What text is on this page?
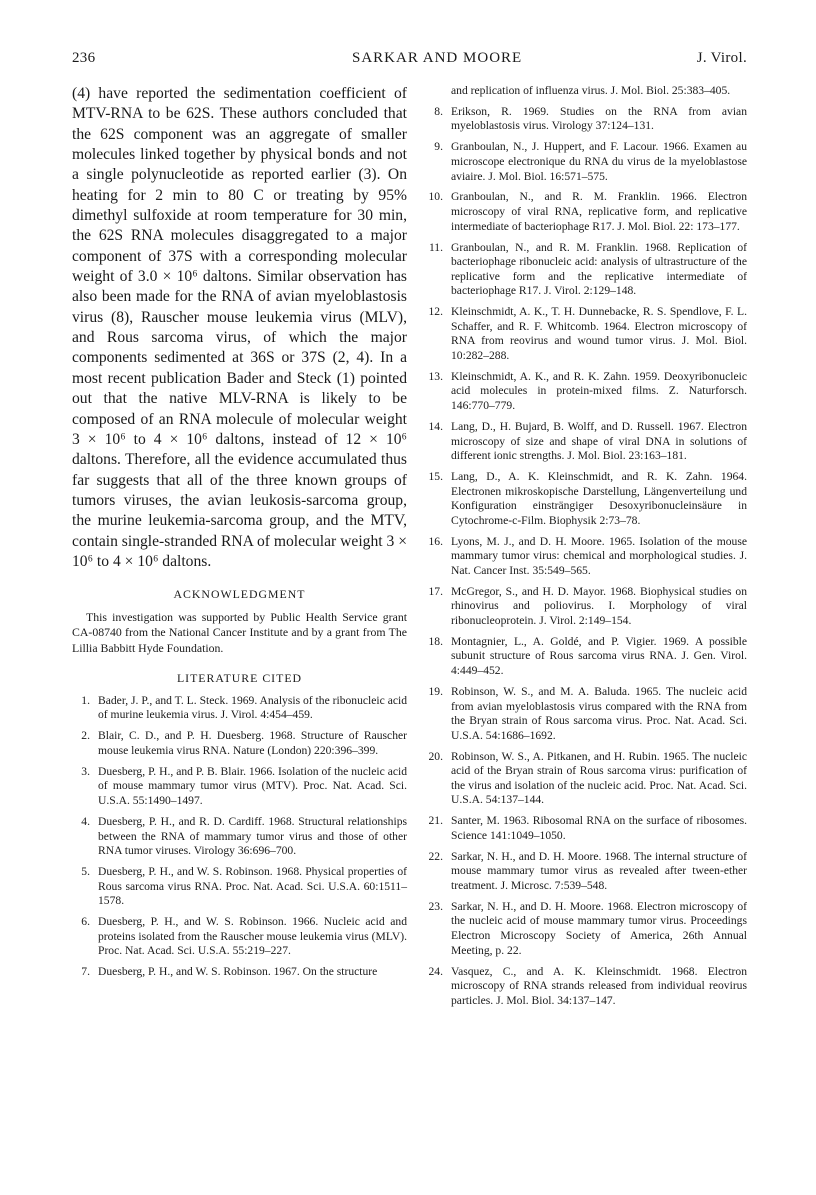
236	SARKAR AND MOORE	J. Virol.

(4) have reported the sedimentation coefficient of MTV-RNA to be 62S. These authors concluded that the 62S component was an aggregate of smaller molecules linked together by physical bonds and not a single polynucleotide as reported earlier (3). On heating for 2 min to 80 C or treating by 95% dimethyl sulfoxide at room temperature for 30 min, the 62S RNA molecules disaggregated to a major component of 37S with a corresponding molecular weight of 3.0 × 10⁶ daltons. Similar observation has also been made for the RNA of avian myeloblastosis virus (8), Rauscher mouse leukemia virus (MLV), and Rous sarcoma virus, of which the major components sedimented at 36S or 37S (2, 4). In a most recent publication Bader and Steck (1) pointed out that the native MLV-RNA is likely to be composed of an RNA molecule of molecular weight 3 × 10⁶ to 4 × 10⁶ daltons, instead of 12 × 10⁶ daltons. Therefore, all the evidence accumulated thus far suggests that all of the three known groups of tumors viruses, the avian leukosis-sarcoma group, the murine leukemia-sarcoma group, and the MTV, contain single-stranded RNA of molecular weight 3 × 10⁶ to 4 × 10⁶ daltons.

ACKNOWLEDGMENT

This investigation was supported by Public Health Service grant CA-08740 from the National Cancer Institute and by a grant from The Lillia Babbitt Hyde Foundation.

LITERATURE CITED
1. Bader, J. P., and T. L. Steck. 1969. Analysis of the ribonucleic acid of murine leukemia virus. J. Virol. 4:454–459.
2. Blair, C. D., and P. H. Duesberg. 1968. Structure of Rauscher mouse leukemia virus RNA. Nature (London) 220:396–399.
3. Duesberg, P. H., and P. B. Blair. 1966. Isolation of the nucleic acid of mouse mammary tumor virus (MTV). Proc. Nat. Acad. Sci. U.S.A. 55:1490–1497.
4. Duesberg, P. H., and R. D. Cardiff. 1968. Structural relationships between the RNA of mammary tumor virus and those of other RNA tumor viruses. Virology 36:696–700.
5. Duesberg, P. H., and W. S. Robinson. 1968. Physical properties of Rous sarcoma virus RNA. Proc. Nat. Acad. Sci. U.S.A. 60:1511–1578.
6. Duesberg, P. H., and W. S. Robinson. 1966. Nucleic acid and proteins isolated from the Rauscher mouse leukemia virus (MLV). Proc. Nat. Acad. Sci. U.S.A. 55:219–227.
7. Duesberg, P. H., and W. S. Robinson. 1967. On the structure

and replication of influenza virus. J. Mol. Biol. 25:383–405.

8. Erikson, R. 1969. Studies on the RNA from avian myeloblastosis virus. Virology 37:124–131.
9. Granboulan, N., J. Huppert, and F. Lacour. 1966. Examen au microscope electronique du RNA du virus de la myeloblastose aviaire. J. Mol. Biol. 16:571–575.
10. Granboulan, N., and R. M. Franklin. 1966. Electron microscopy of viral RNA, replicative form, and replicative intermediate of bacteriophage R17. J. Mol. Biol. 22: 173–177.
11. Granboulan, N., and R. M. Franklin. 1968. Replication of bacteriophage ribonucleic acid: analysis of ultrastructure of the replicative form and the replicative intermediate of bacteriophage R17. J. Virol. 2:129–148.
12. Kleinschmidt, A. K., T. H. Dunnebacke, R. S. Spendlove, F. L. Schaffer, and R. F. Whitcomb. 1964. Electron microscopy of RNA from reovirus and wound tumor virus. J. Mol. Biol. 10:282–288.
13. Kleinschmidt, A. K., and R. K. Zahn. 1959. Deoxyribonucleic acid molecules in protein-mixed films. Z. Naturforsch. 146:770–779.
14. Lang, D., H. Bujard, B. Wolff, and D. Russell. 1967. Electron microscopy of size and shape of viral DNA in solutions of different ionic strengths. J. Mol. Biol. 23:163–181.
15. Lang, D., A. K. Kleinschmidt, and R. K. Zahn. 1964. Electronen mikroskopische Darstellung, Längenverteilung und Konfiguration einsträngiger Desoxyribonucleinsäure in Cytochrome-c-Film. Biophysik 2:73–78.
16. Lyons, M. J., and D. H. Moore. 1965. Isolation of the mouse mammary tumor virus: chemical and morphological studies. J. Nat. Cancer Inst. 35:549–565.
17. McGregor, S., and H. D. Mayor. 1968. Biophysical studies on rhinovirus and poliovirus. I. Morphology of viral ribonucleoprotein. J. Virol. 2:149–154.
18. Montagnier, L., A. Goldé, and P. Vigier. 1969. A possible subunit structure of Rous sarcoma virus RNA. J. Gen. Virol. 4:449–452.
19. Robinson, W. S., and M. A. Baluda. 1965. The nucleic acid from avian myeloblastosis virus compared with the RNA from the Bryan strain of Rous sarcoma virus. Proc. Nat. Acad. Sci. U.S.A. 54:1686–1692.
20. Robinson, W. S., A. Pitkanen, and H. Rubin. 1965. The nucleic acid of the Bryan strain of Rous sarcoma virus: purification of the virus and isolation of the nucleic acid. Proc. Nat. Acad. Sci. U.S.A. 54:137–144.
21. Santer, M. 1963. Ribosomal RNA on the surface of ribosomes. Science 141:1049–1050.
22. Sarkar, N. H., and D. H. Moore. 1968. The internal structure of mouse mammary tumor virus as revealed after tween-ether treatment. J. Microsc. 7:539–548.
23. Sarkar, N. H., and D. H. Moore. 1968. Electron microscopy of the nucleic acid of mouse mammary tumor virus. Proceedings Electron Microscopy Society of America, 26th Annual Meeting, p. 22.
24. Vasquez, C., and A. K. Kleinschmidt. 1968. Electron microscopy of RNA strands released from individual reovirus particles. J. Mol. Biol. 34:137–147.
